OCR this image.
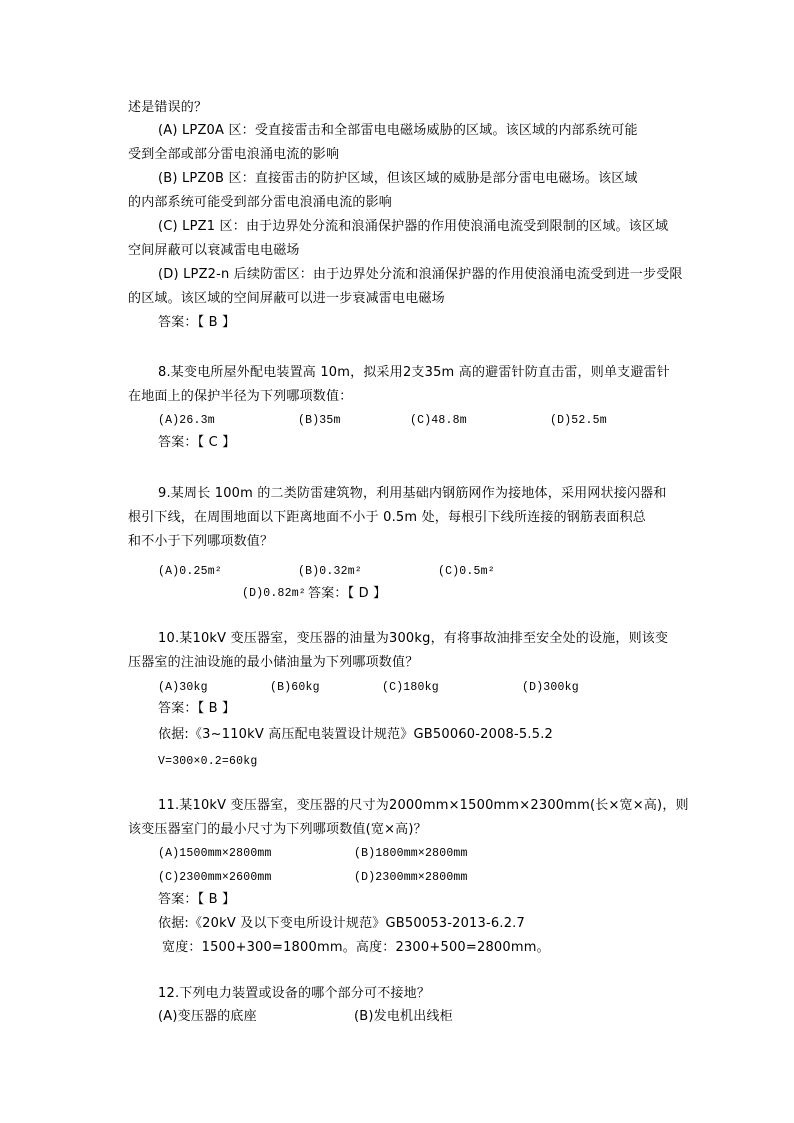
述是错误的？
(A) LPZ0A 区：受直接雷击和全部雷电电磁场威胁的区域。该区域的内部系统可能
受到全部或部分雷电浪涌电流的影响
(B) LPZ0B 区：直接雷击的防护区域，但该区域的威胁是部分雷电电磁场。该区域
的内部系统可能受到部分雷电浪涌电流的影响
(C) LPZ1 区：由于边界处分流和浪涌保护器的作用使浪涌电流受到限制的区域。该区域
空间屏蔽可以衰减雷电电磁场
(D) LPZ2-n 后续防雷区：由于边界处分流和浪涌保护器的作用使浪涌电流受到进一步受限
的区域。该区域的空间屏蔽可以进一步衰减雷电电磁场
答案：【 B 】
8.某变电所屋外配电装置高 10m，拟采用2支35m 高的避雷针防直击雷，则单支避雷针
在地面上的保护半径为下列哪项数值：
(A)26.3m	(B)35m	(C)48.8m	(D)52.5m
答案：【 C 】
9.某周长 100m 的二类防雷建筑物，利用基础内钢筋网作为接地体，采用网状接闪器和
根引下线，在周围地面以下距离地面不小于 0.5m 处，每根引下线所连接的钢筋表面积总
和不小于下列哪项数值？
(A)0.25m²	(B)0.32m²	(C)0.5m²
(D)0.82m² 答案：【 D 】
10.某10kV 变压器室，变压器的油量为300kg，有将事故油排至安全处的设施，则该变
压器室的注油设施的最小储油量为下列哪项数值？
(A)30kg	(B)60kg	(C)180kg	(D)300kg
答案：【 B 】
依据:《3~110kV 高压配电装置设计规范》GB50060-2008-5.5.2
V=300×0.2=60kg
11.某10kV 变压器室，变压器的尺寸为2000mm×1500mm×2300mm(长×宽×高)，则
该变压器室门的最小尺寸为下列哪项数值(宽×高)？
(A)1500mm×2800mm	(B)1800mm×2800mm
(C)2300mm×2600mm	(D)2300mm×2800mm
答案：【 B 】
依据:《20kV 及以下变电所设计规范》GB50053-2013-6.2.7
宽度：1500+300=1800mm。高度：2300+500=2800mm。
12.下列电力装置或设备的哪个部分可不接地？
(A)变压器的底座	(B)发电机出线柜
